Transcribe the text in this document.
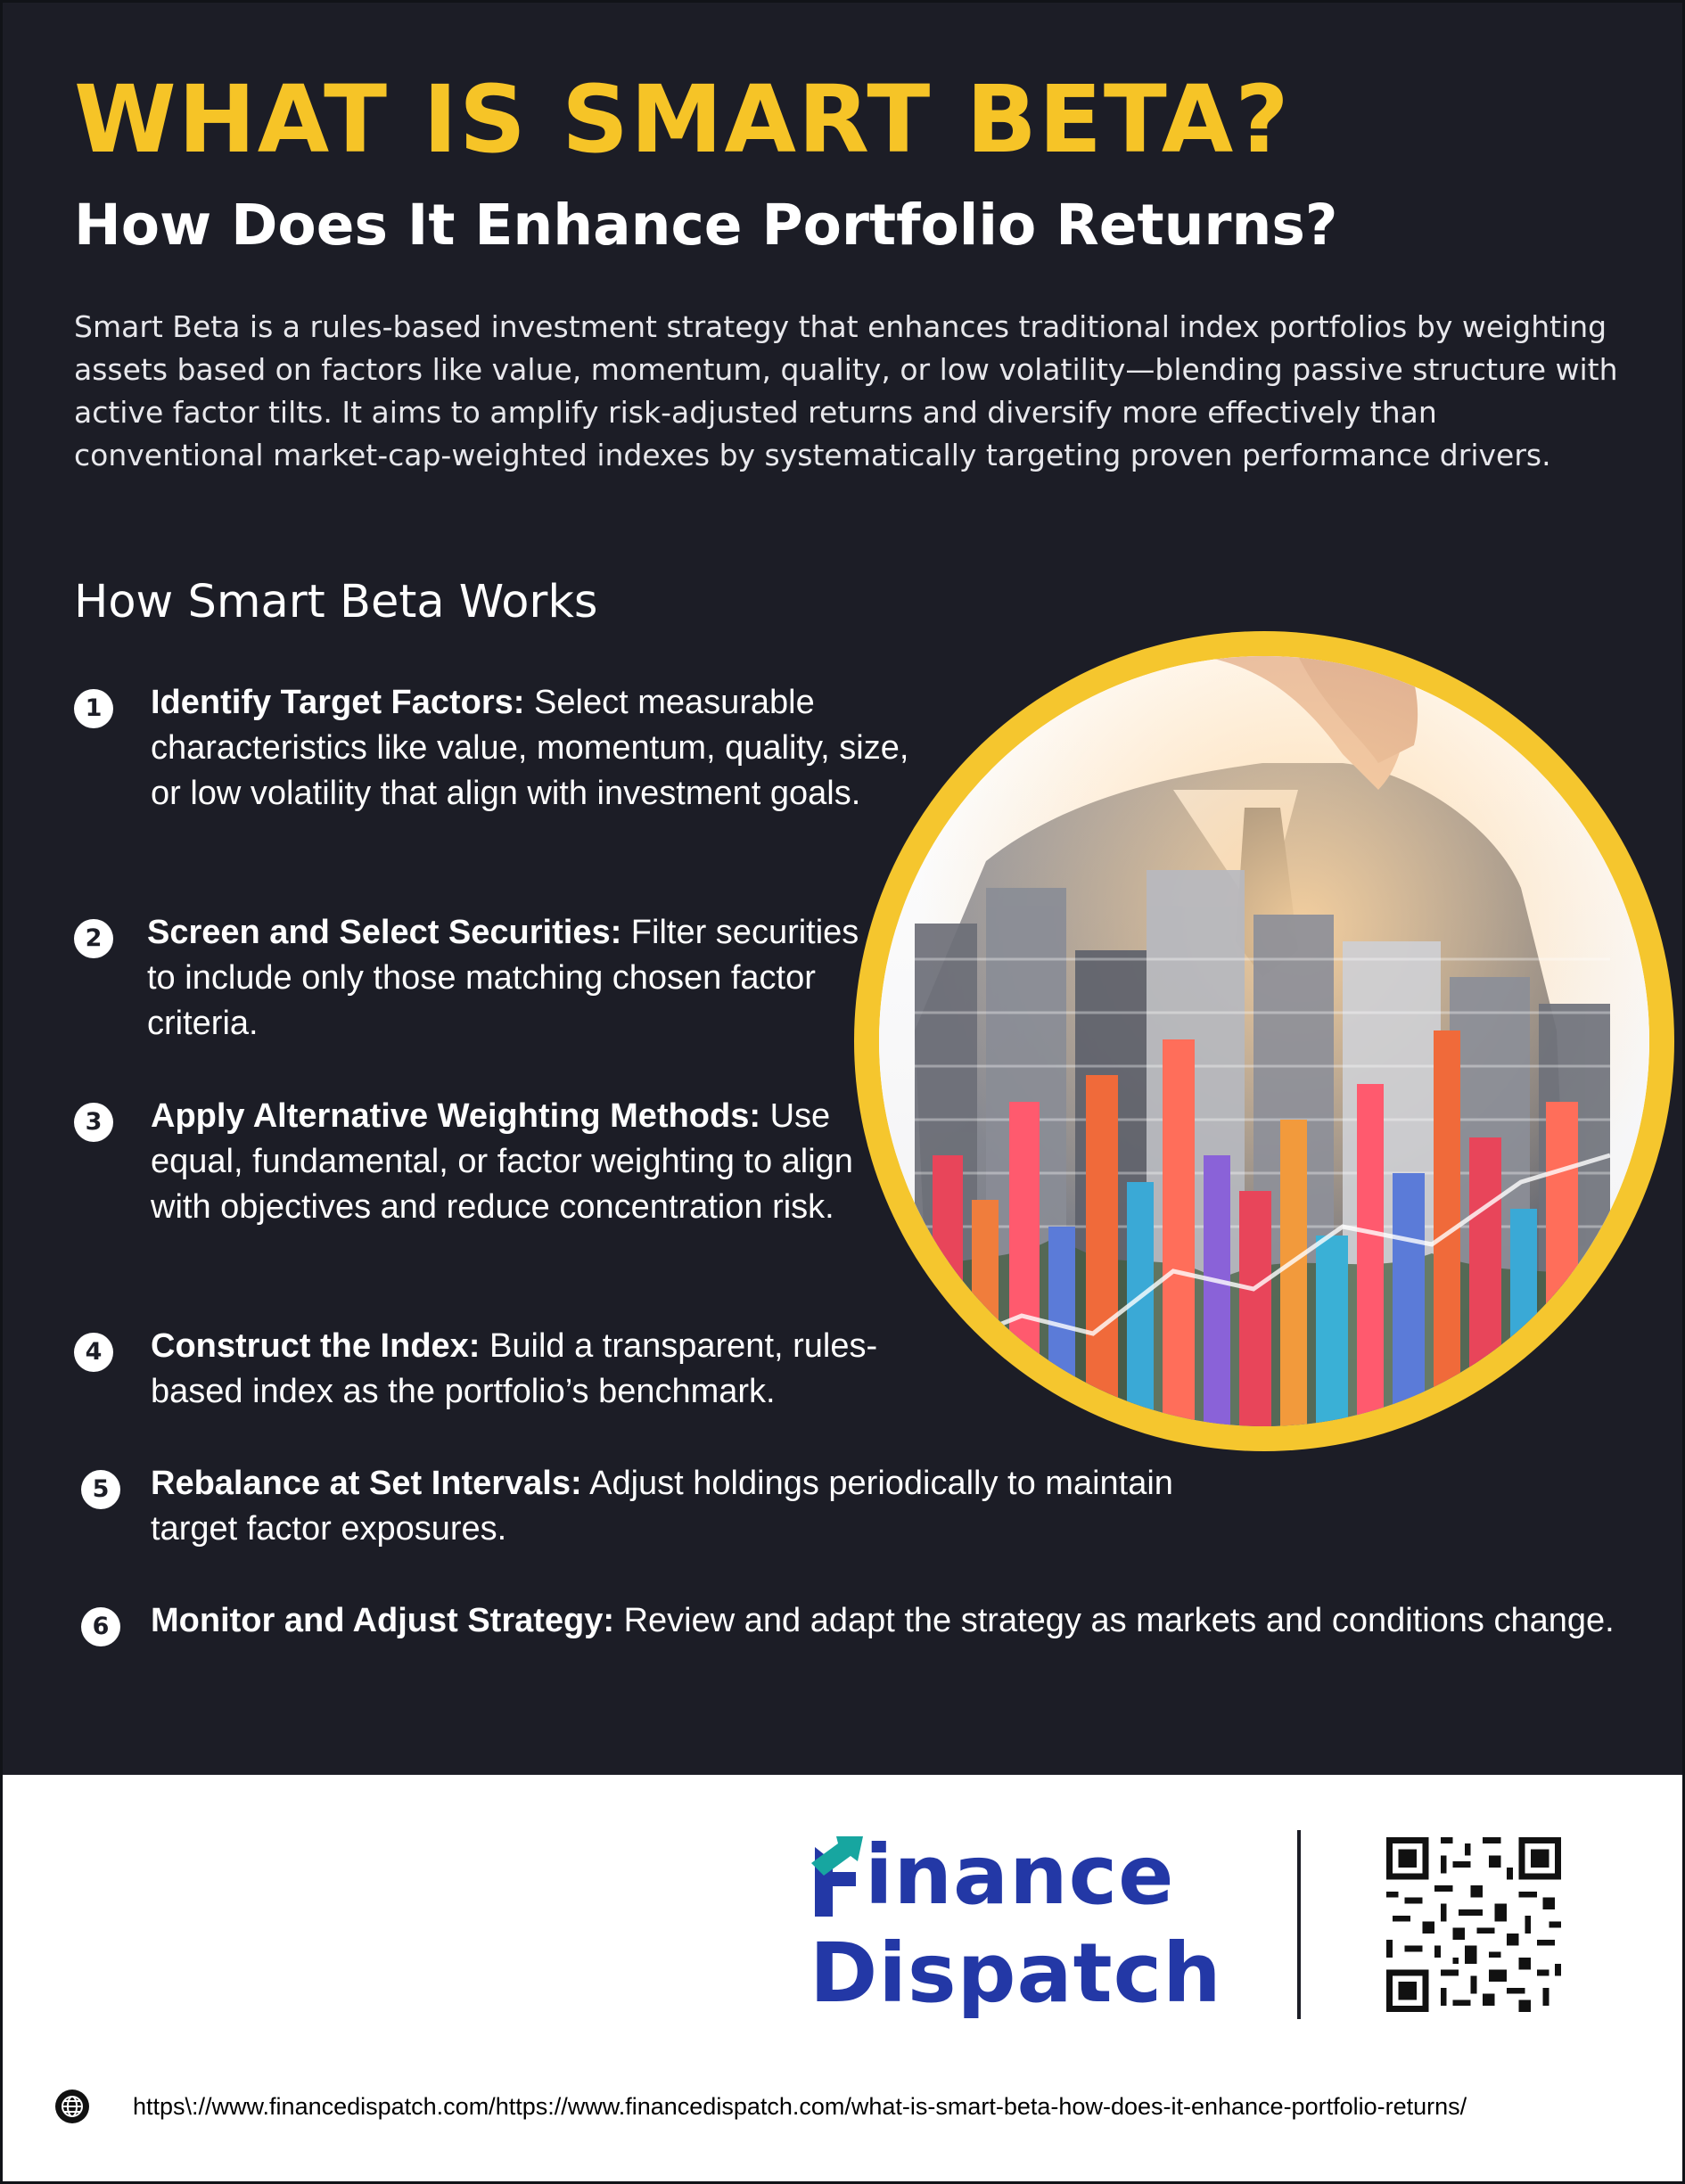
WHAT IS SMART BETA?
How Does It Enhance Portfolio Returns?

Smart Beta is a rules-based investment strategy that enhances traditional index portfolios by weighting assets based on factors like value, momentum, quality, or low volatility—blending passive structure with active factor tilts. It aims to amplify risk-adjusted returns and diversify more effectively than conventional market-cap-weighted indexes by systematically targeting proven performance drivers.

How Smart Beta Works
1	Identify Target Factors: Select measurable characteristics like value, momentum, quality, size, or low volatility that align with investment goals.

2	Screen and Select Securities: Filter securities to include only those matching chosen factor criteria.

3	Apply Alternative Weighting Methods: Use equal, fundamental, or factor weighting to align with objectives and reduce concentration risk.

4	Construct the Index: Build a transparent, rules-based index as the portfolio’s benchmark.

5	Rebalance at Set Intervals: Adjust holdings periodically to maintain target factor exposures.

6	Monitor and Adjust Strategy: Review and adapt the strategy as markets and conditions change.

inance

Dispatch

https\://www.financedispatch.com/https://www.financedispatch.com/what-is-smart-beta-how-does-it-enhance-portfolio-returns/
